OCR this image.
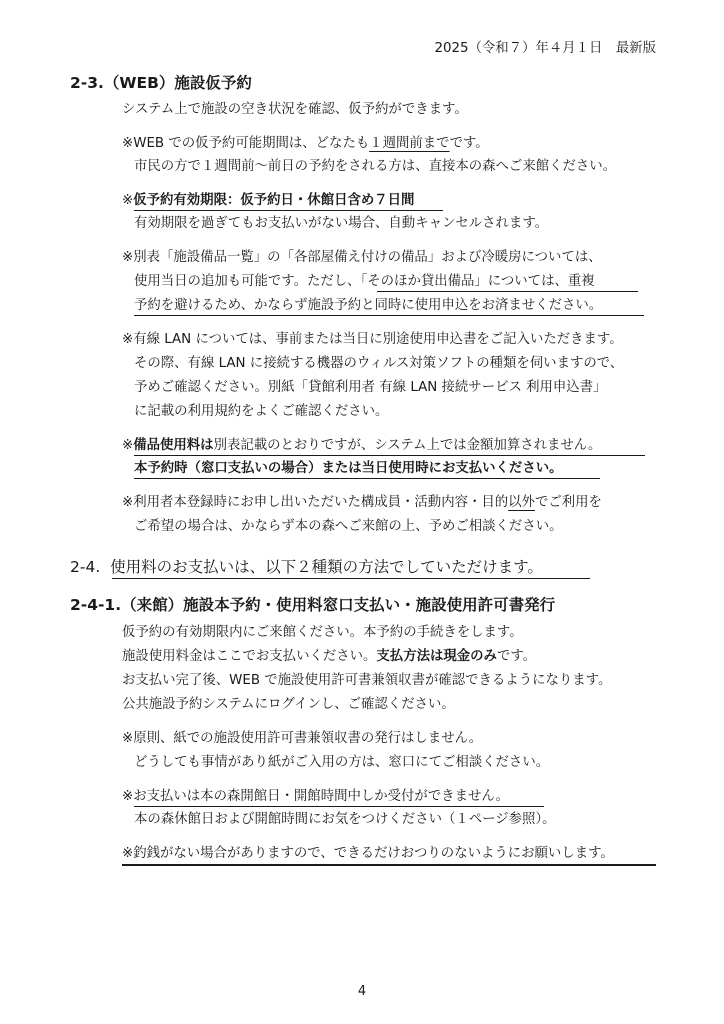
2025（令和７）年４月１日　最新版
2-3.（WEB）施設仮予約
システム上で施設の空き状況を確認、仮予約ができます。
※WEB での仮予約可能期間は、どなたも１週間前までです。
市民の方で１週間前～前日の予約をされる方は、直接本の森へご来館ください。
※仮予約有効期限：仮予約日・休館日含め７日間
有効期限を過ぎてもお支払いがない場合、自動キャンセルされます。
※別表「施設備品一覧」の「各部屋備え付けの備品」および冷暖房については、
使用当日の追加も可能です。ただし、「そのほか貸出備品」については、重複
予約を避けるため、かならず施設予約と同時に使用申込をお済ませください。
※有線 LAN については、事前または当日に別途使用申込書をご記入いただきます。
その際、有線 LAN に接続する機器のウィルス対策ソフトの種類を伺いますので、
予めご確認ください。別紙「貸館利用者 有線 LAN 接続サービス 利用申込書」
に記載の利用規約をよくご確認ください。
※備品使用料は別表記載のとおりですが、システム上では金額加算されません。
本予約時（窓口支払いの場合）または当日使用時にお支払いください。
※利用者本登録時にお申し出いただいた構成員・活動内容・目的以外でご利用を
ご希望の場合は、かならず本の森へご来館の上、予めご相談ください。
2-4. 使用料のお支払いは、以下２種類の方法でしていただけます。
2-4-1.（来館）施設本予約・使用料窓口支払い・施設使用許可書発行
仮予約の有効期限内にご来館ください。本予約の手続きをします。
施設使用料金はここでお支払いください。支払方法は現金のみです。
お支払い完了後、WEB で施設使用許可書兼領収書が確認できるようになります。
公共施設予約システムにログインし、ご確認ください。
※原則、紙での施設使用許可書兼領収書の発行はしません。
どうしても事情があり紙がご入用の方は、窓口にてご相談ください。
※お支払いは本の森開館日・開館時間中しか受付ができません。
本の森休館日および開館時間にお気をつけください（１ページ参照）。
※釣銭がない場合がありますので、できるだけおつりのないようにお願いします。
4
